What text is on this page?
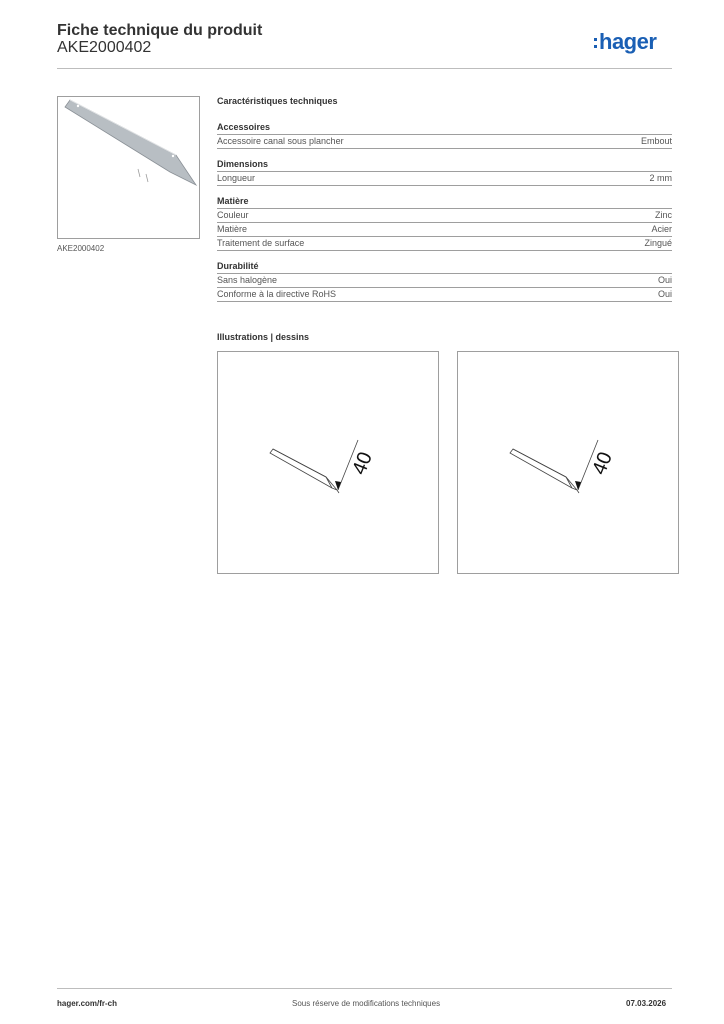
Fiche technique du produit
AKE2000402	hager
AKE2000402
Caractéristiques techniques
Accessoires
Accessoire canal sous plancher	Embout
Dimensions
Longueur	2 mm
Matière
Couleur	Zinc
Matière	Acier
Traitement de surface	Zingué
Durabilité
Sans halogène	Oui
Conforme à la directive RoHS	Oui
Illustrations | dessins
40	40
hager.com/fr-ch	Sous réserve de modifications techniques	07.03.2026
